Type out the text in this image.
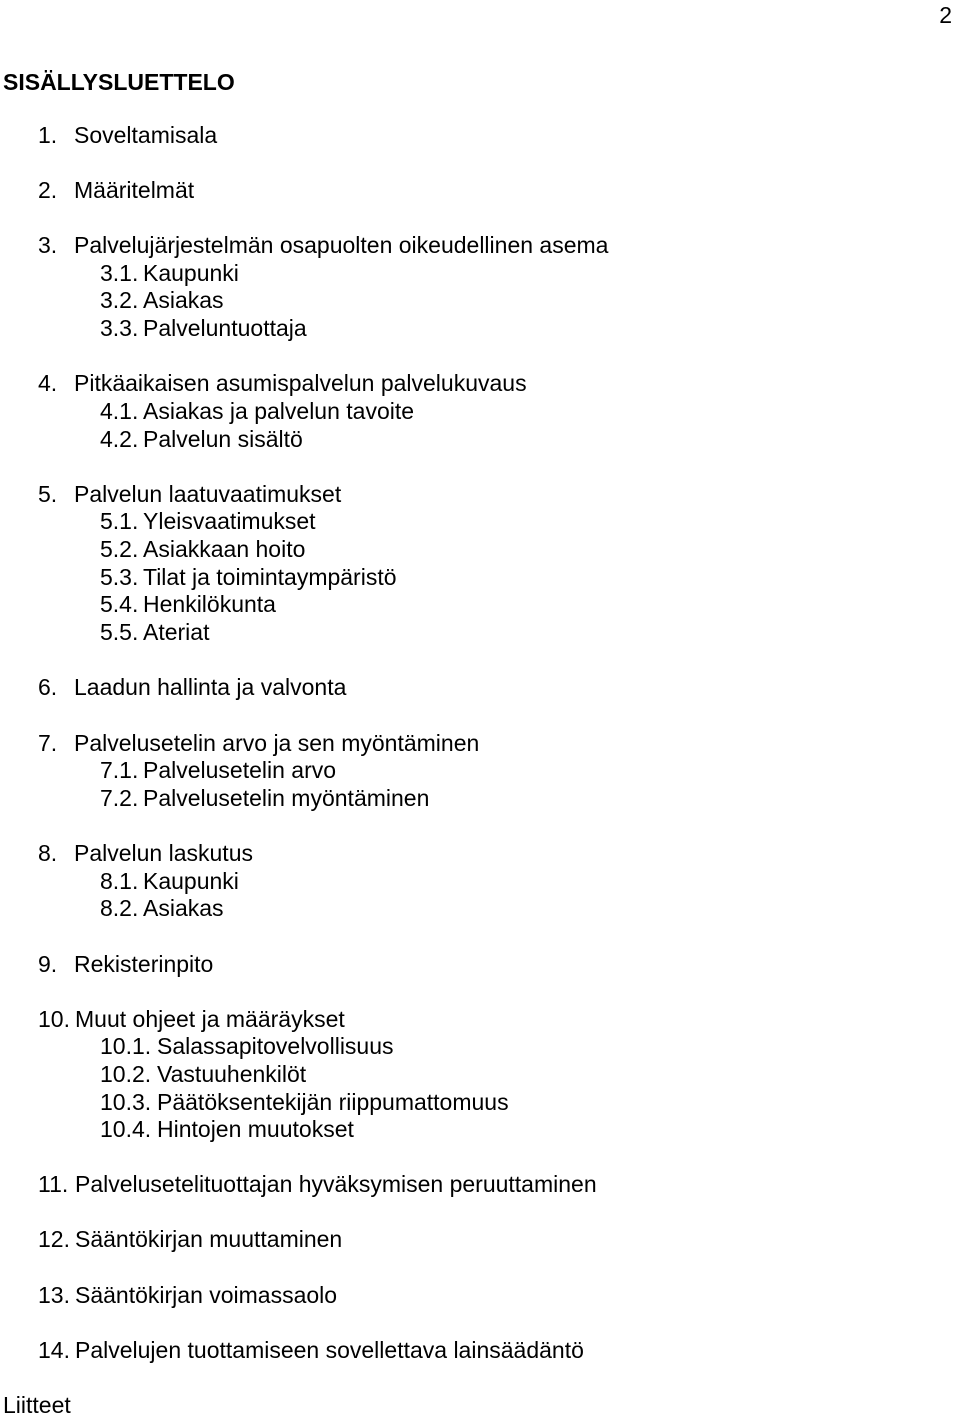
2
SISÄLLYSLUETTELO
1. Soveltamisala
2. Määritelmät
3. Palvelujärjestelmän osapuolten oikeudellinen asema
3.1. Kaupunki
3.2. Asiakas
3.3. Palveluntuottaja
4. Pitkäaikaisen asumispalvelun palvelukuvaus
4.1. Asiakas ja palvelun tavoite
4.2. Palvelun sisältö
5. Palvelun laatuvaatimukset
5.1. Yleisvaatimukset
5.2. Asiakkaan hoito
5.3. Tilat ja toimintaympäristö
5.4. Henkilökunta
5.5. Ateriat
6. Laadun hallinta ja valvonta
7. Palvelusetelin arvo ja sen myöntäminen
7.1. Palvelusetelin arvo
7.2. Palvelusetelin myöntäminen
8. Palvelun laskutus
8.1. Kaupunki
8.2. Asiakas
9. Rekisterinpito
10. Muut ohjeet ja määräykset
10.1. Salassapitovelvollisuus
10.2. Vastuuhenkilöt
10.3. Päätöksentekijän riippumattomuus
10.4. Hintojen muutokset
11. Palvelusetelituottajan hyväksymisen peruuttaminen
12. Sääntökirjan muuttaminen
13. Sääntökirjan voimassaolo
14. Palvelujen tuottamiseen sovellettava lainsäädäntö
Liitteet
